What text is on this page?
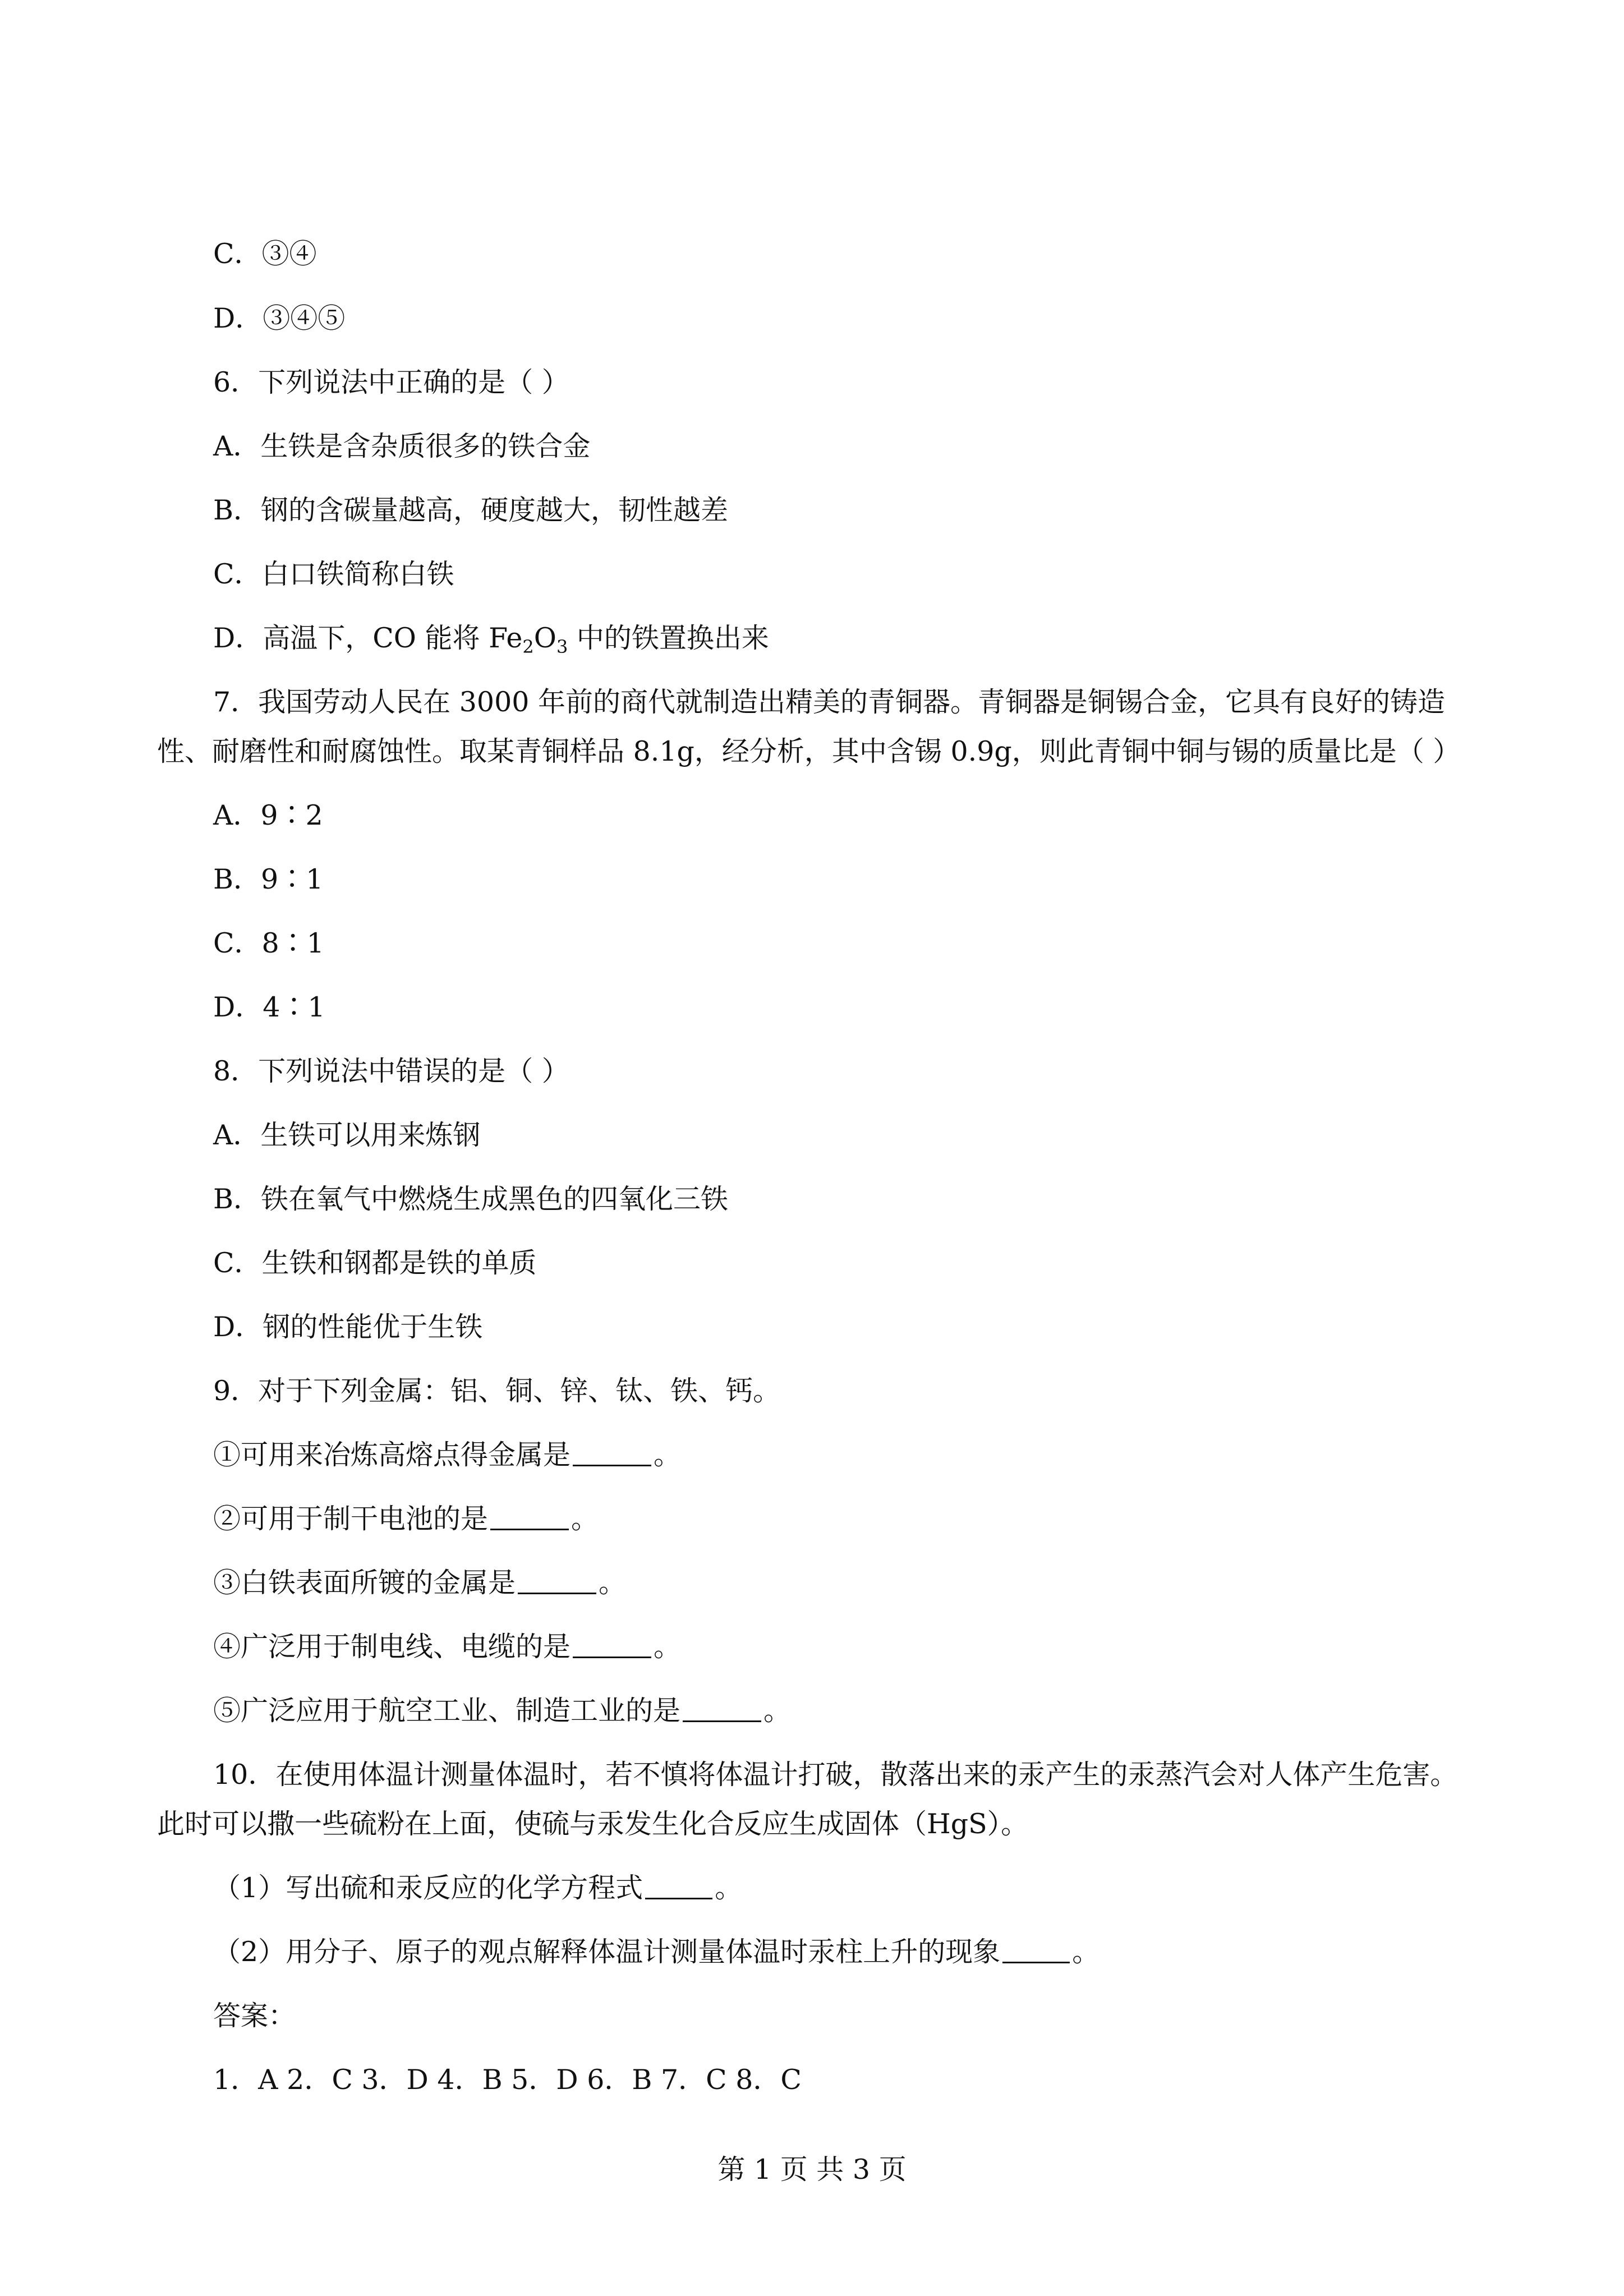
C．③④
D．③④⑤
6．下列说法中正确的是（ ）
A．生铁是含杂质很多的铁合金
B．钢的含碳量越高，硬度越大，韧性越差
C．白口铁简称白铁
D．高温下，CO 能将 $Fe_2O_3$ 中的铁置换出来
7．我国劳动人民在 3000 年前的商代就制造出精美的青铜器。青铜器是铜锡合金，它具有良好的铸造
性、耐磨性和耐腐蚀性。取某青铜样品 8.1g，经分析，其中含锡 0.9g，则此青铜中铜与锡的质量比是（ ）
A．9∶2
B．9∶1
C．8∶1
D．4∶1
8．下列说法中错误的是（ ）
A．生铁可以用来炼钢
B．铁在氧气中燃烧生成黑色的四氧化三铁
C．生铁和钢都是铁的单质
D．钢的性能优于生铁
9．对于下列金属：铝、铜、锌、钛、铁、钙。
①可用来冶炼高熔点得金属是	。
②可用于制干电池的是	。
③白铁表面所镀的金属是	。
④广泛用于制电线、电缆的是	。
⑤广泛应用于航空工业、制造工业的是	。
10．在使用体温计测量体温时，若不慎将体温计打破，散落出来的汞产生的汞蒸汽会对人体产生危害。
此时可以撒一些硫粉在上面，使硫与汞发生化合反应生成固体（HgS）。
（1）写出硫和汞反应的化学方程式	。
（2）用分子、原子的观点解释体温计测量体温时汞柱上升的现象	。
答案：
1．A 2．C 3．D 4．B 5．D 6．B 7．C 8．C
第 1 页 共 3 页
